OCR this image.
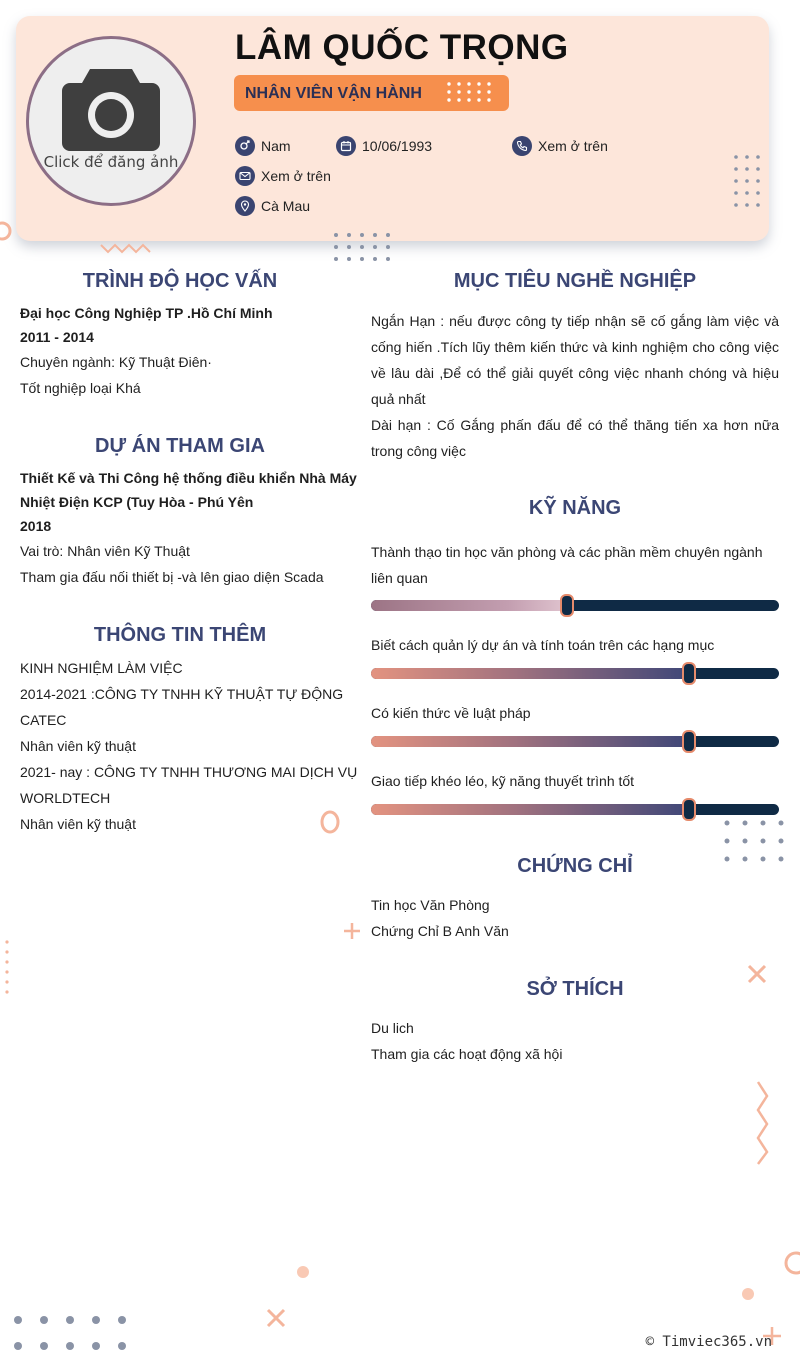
Click để đăng ảnh
LÂM QUỐC TRỌNG
NHÂN VIÊN VẬN HÀNH
Nam	10/06/1993	Xem ở trên
Xem ở trên
Cà Mau
TRÌNH ĐỘ HỌC VẤN
Đại học Công Nghiệp TP .Hồ Chí Minh
2011 - 2014
Chuyên ngành: Kỹ Thuật Điên·
Tốt nghiệp loại Khá
DỰ ÁN THAM GIA
Thiết Kế và Thi Công hệ thống điều khiển Nhà Máy
Nhiệt Điện KCP (Tuy Hòa - Phú Yên
2018
Vai trò: Nhân viên Kỹ Thuật
Tham gia đấu nối thiết bị -và lên giao diện Scada
THÔNG TIN THÊM
KINH NGHIỆM LÀM VIỆC
2014-2021 :CÔNG TY TNHH KỸ THUẬT TỰ ĐỘNG
CATEC
Nhân viên kỹ thuật
2021- nay : CÔNG TY TNHH THƯƠNG MAI DỊCH VỤ
WORLDTECH
Nhân viên kỹ thuật
MỤC TIÊU NGHỀ NGHIỆP
Ngắn Hạn : nếu được công ty tiếp nhận sẽ cố gắng làm việc và cống hiến .Tích lũy thêm kiến thức và kinh nghiệm cho công việc về lâu dài ,Để có thể giải quyết công việc nhanh chóng và hiệu quả nhất
Dài hạn : Cố Gắng phấn đấu để có thể thăng tiến xa hơn nữa trong công việc
KỸ NĂNG
Thành thạo tin học văn phòng và các phần mềm chuyên ngành liên quan
Biết cách quản lý dự án và tính toán trên các hạng mục
Có kiến thức về luật pháp
Giao tiếp khéo léo, kỹ năng thuyết trình tốt
CHỨNG CHỈ
Tin học Văn Phòng
Chứng Chỉ B Anh Văn
SỞ THÍCH
Du lich
Tham gia các hoạt động xã hội
© Timviec365.vn
